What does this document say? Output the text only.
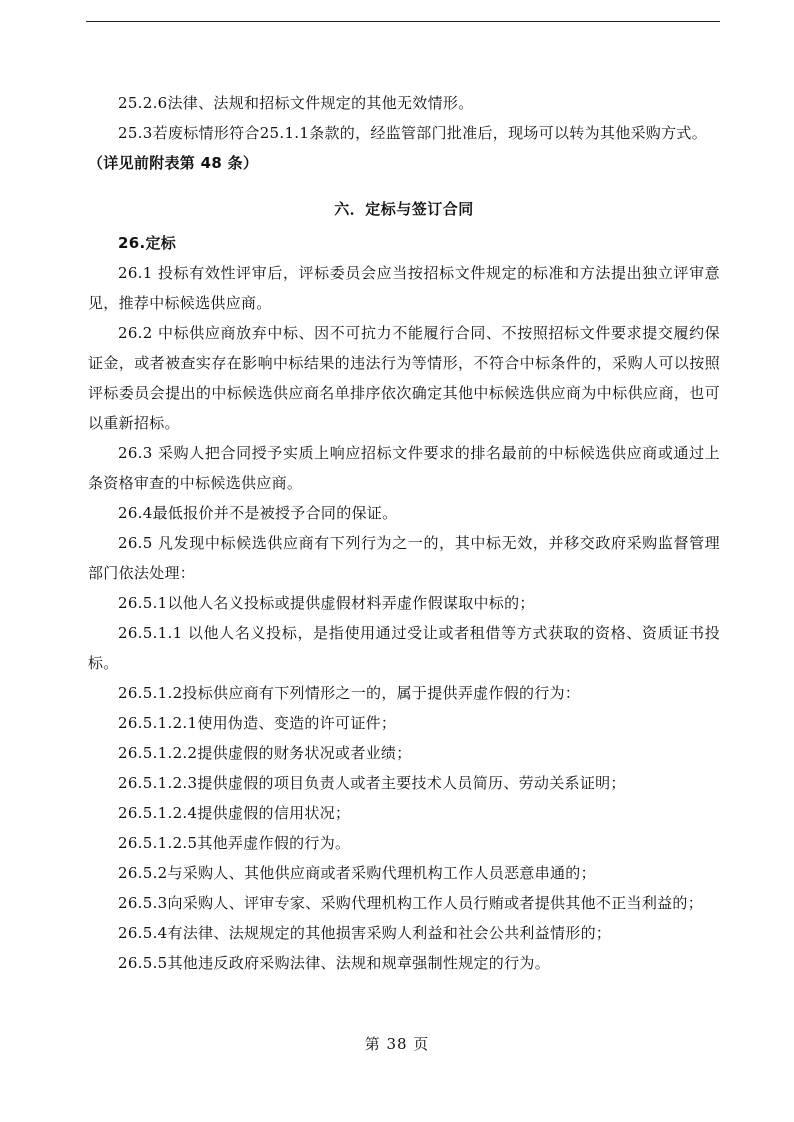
25.2.6法律、法规和招标文件规定的其他无效情形。

25.3若废标情形符合25.1.1条款的，经监管部门批准后，现场可以转为其他采购方式。

（详见前附表第 48 条）

六．定标与签订合同

26.定标

26.1 投标有效性评审后，评标委员会应当按招标文件规定的标准和方法提出独立评审意见，推荐中标候选供应商。

26.2 中标供应商放弃中标、因不可抗力不能履行合同、不按照招标文件要求提交履约保证金，或者被查实存在影响中标结果的违法行为等情形，不符合中标条件的，采购人可以按照评标委员会提出的中标候选供应商名单排序依次确定其他中标候选供应商为中标供应商，也可以重新招标。

26.3 采购人把合同授予实质上响应招标文件要求的排名最前的中标候选供应商或通过上条资格审查的中标候选供应商。

26.4最低报价并不是被授予合同的保证。

26.5 凡发现中标候选供应商有下列行为之一的，其中标无效，并移交政府采购监督管理部门依法处理：

26.5.1以他人名义投标或提供虚假材料弄虚作假谋取中标的；

26.5.1.1 以他人名义投标，是指使用通过受让或者租借等方式获取的资格、资质证书投标。

26.5.1.2投标供应商有下列情形之一的，属于提供弄虚作假的行为：

26.5.1.2.1使用伪造、变造的许可证件；

26.5.1.2.2提供虚假的财务状况或者业绩；

26.5.1.2.3提供虚假的项目负责人或者主要技术人员简历、劳动关系证明；

26.5.1.2.4提供虚假的信用状况；

26.5.1.2.5其他弄虚作假的行为。

26.5.2与采购人、其他供应商或者采购代理机构工作人员恶意串通的；

26.5.3向采购人、评审专家、采购代理机构工作人员行贿或者提供其他不正当利益的；

26.5.4有法律、法规规定的其他损害采购人利益和社会公共利益情形的；

26.5.5其他违反政府采购法律、法规和规章强制性规定的行为。

第 38 页
